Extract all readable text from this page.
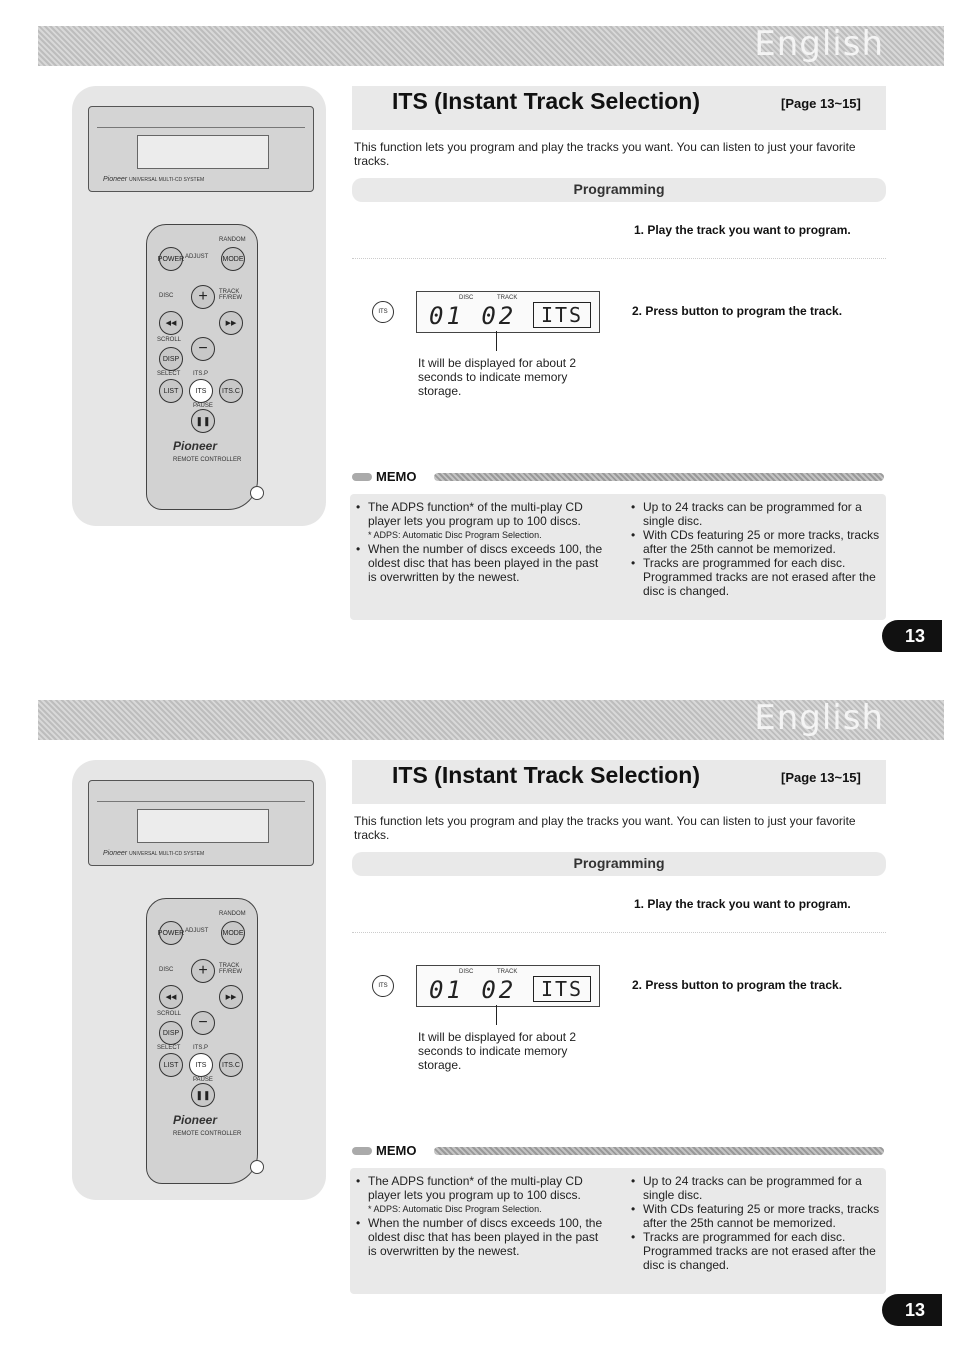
English
Pioneer UNIVERSAL MULTI-CD SYSTEM
RANDOM
POWER ADJUST MODE
DISC	+	TRACK FF/REW
◀◀	▶▶
SCROLL
DISP
−
SELECT ITS.P
LIST ITS ITS.C
PAUSE
❚❚
Pioneer
REMOTE CONTROLLER
ITS (Instant Track Selection)	[Page 13~15]
This function lets you program and play the tracks you want. You can listen to just your favorite tracks.
Programming
1. Play the track you want to program.
ITS
DISC	TRACK
01 02	ITS	2. Press button to program the track.
It will be displayed for about 2 seconds to indicate memory storage.
MEMO
• The ADPS function* of the multi-play CD player lets you program up to 100 discs.
* ADPS: Automatic Disc Program Selection.
• When the number of discs exceeds 100, the oldest disc that has been played in the past is overwritten by the newest.
• Up to 24 tracks can be programmed for a single disc.
• With CDs featuring 25 or more tracks, tracks after the 25th cannot be memorized.
• Tracks are programmed for each disc. Programmed tracks are not erased after the disc is changed.
13
English
Pioneer UNIVERSAL MULTI-CD SYSTEM
RANDOM
POWER ADJUST MODE
DISC	+	TRACK FF/REW
◀◀	▶▶
SCROLL
DISP
−
SELECT ITS.P
LIST ITS ITS.C
PAUSE
❚❚
Pioneer
REMOTE CONTROLLER
ITS (Instant Track Selection)	[Page 13~15]
This function lets you program and play the tracks you want. You can listen to just your favorite tracks.
Programming
1. Play the track you want to program.
ITS
DISC	TRACK
01 02	ITS	2. Press button to program the track.
It will be displayed for about 2 seconds to indicate memory storage.
MEMO
• The ADPS function* of the multi-play CD player lets you program up to 100 discs.
* ADPS: Automatic Disc Program Selection.
• When the number of discs exceeds 100, the oldest disc that has been played in the past is overwritten by the newest.
• Up to 24 tracks can be programmed for a single disc.
• With CDs featuring 25 or more tracks, tracks after the 25th cannot be memorized.
• Tracks are programmed for each disc. Programmed tracks are not erased after the disc is changed.
13
